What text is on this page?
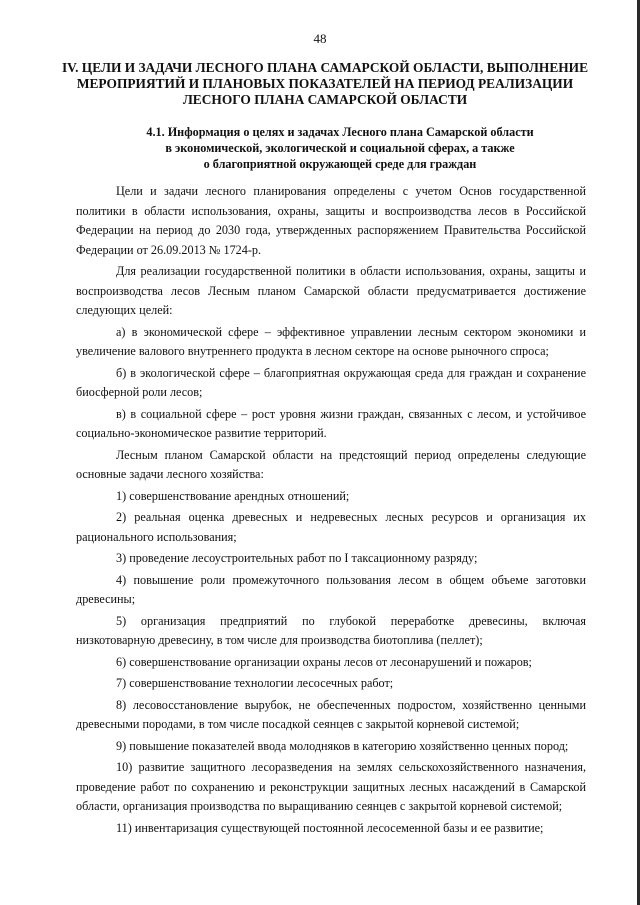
48
IV. ЦЕЛИ И ЗАДАЧИ ЛЕСНОГО ПЛАНА САМАРСКОЙ ОБЛАСТИ, ВЫПОЛНЕНИЕ
МЕРОПРИЯТИЙ И ПЛАНОВЫХ ПОКАЗАТЕЛЕЙ НА ПЕРИОД РЕАЛИЗАЦИИ
ЛЕСНОГО ПЛАНА САМАРСКОЙ ОБЛАСТИ
4.1. Информация о целях и задачах Лесного плана Самарской области
в экономической, экологической и социальной сферах, а также
о благоприятной окружающей среде для граждан

Цели и задачи лесного планирования определены с учетом Основ государственной политики в области использования, охраны, защиты и воспроизводства лесов в Российской Федерации на период до 2030 года, утвержденных распоряжением Правительства Российской Федерации от 26.09.2013 № 1724-р.

Для реализации государственной политики в области использования, охраны, защиты и воспроизводства лесов Лесным планом Самарской области предусматривается достижение следующих целей:

а) в экономической сфере – эффективное управлении лесным сектором экономики и увеличение валового внутреннего продукта в лесном секторе на основе рыночного спроса;

б) в экологической сфере – благоприятная окружающая среда для граждан и сохранение биосферной роли лесов;

в) в социальной сфере – рост уровня жизни граждан, связанных с лесом, и устойчивое социально-экономическое развитие территорий.

Лесным планом Самарской области на предстоящий период определены следующие основные задачи лесного хозяйства:

1) совершенствование арендных отношений;

2) реальная оценка древесных и недревесных лесных ресурсов и организация их рационального использования;

3) проведение лесоустроительных работ по I таксационному разряду;

4) повышение роли промежуточного пользования лесом в общем объеме заготовки древесины;

5) организация предприятий по глубокой переработке древесины, включая низкотоварную древесину, в том числе для производства биотоплива (пеллет);

6) совершенствование организации охраны лесов от лесонарушений и пожаров;

7) совершенствование технологии лесосечных работ;

8) лесовосстановление вырубок, не обеспеченных подростом, хозяйственно ценными древесными породами, в том числе посадкой сеянцев с закрытой корневой системой;

9) повышение показателей ввода молодняков в категорию хозяйственно ценных пород;

10) развитие защитного лесоразведения на землях сельскохозяйственного назначения, проведение работ по сохранению и реконструкции защитных лесных насаждений в Самарской области, организация производства по выращиванию сеянцев с закрытой корневой системой;

11) инвентаризация существующей постоянной лесосеменной базы и ее развитие;
